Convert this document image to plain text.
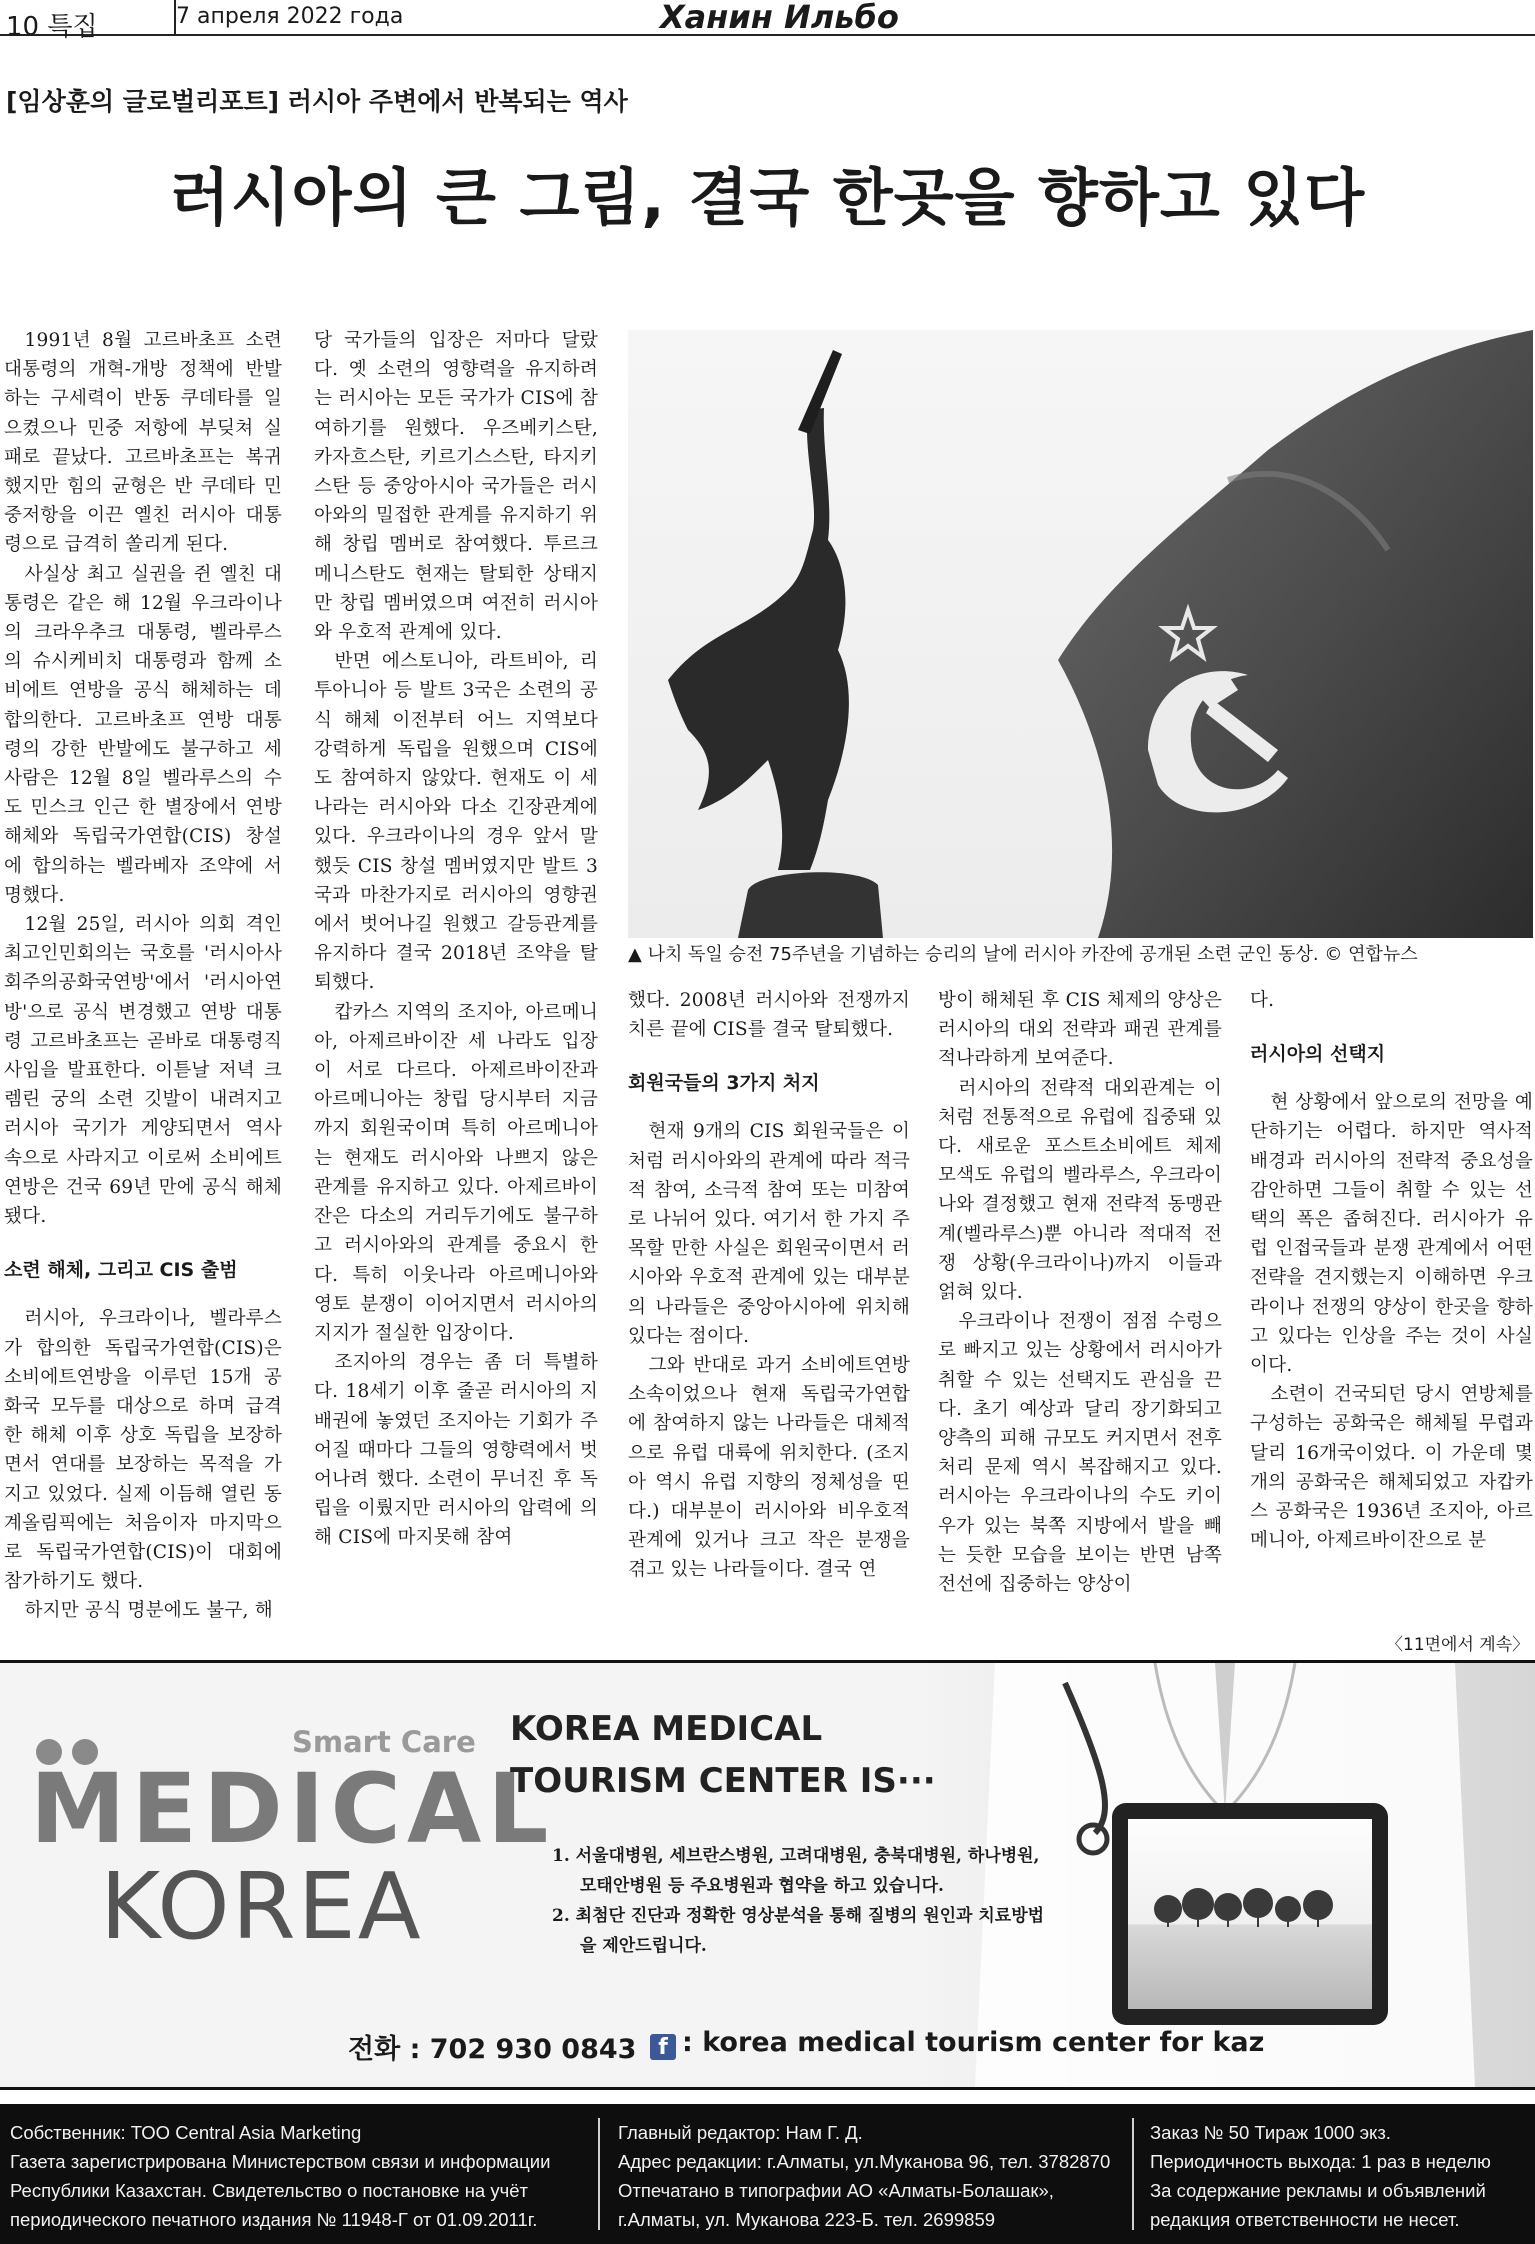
10 특집	7 апреля 2022 года	Ханин Ильбо
[임상훈의 글로벌리포트] 러시아 주변에서 반복되는 역사
러시아의 큰 그림, 결국 한곳을 향하고 있다

1991년 8월 고르바초프 소련 대통령의 개혁-개방 정책에 반발하는 구세력이 반동 쿠데타를 일으켰으나 민중 저항에 부딪쳐 실패로 끝났다. 고르바초프는 복귀했지만 힘의 균형은 반 쿠데타 민중저항을 이끈 옐친 러시아 대통령으로 급격히 쏠리게 된다.

사실상 최고 실권을 쥔 옐친 대통령은 같은 해 12월 우크라이나의 크라우추크 대통령, 벨라루스의 슈시케비치 대통령과 함께 소비에트 연방을 공식 해체하는 데 합의한다. 고르바초프 연방 대통령의 강한 반발에도 불구하고 세 사람은 12월 8일 벨라루스의 수도 민스크 인근 한 별장에서 연방 해체와 독립국가연합(CIS) 창설에 합의하는 벨라베자 조약에 서명했다.

12월 25일, 러시아 의회 격인 최고인민회의는 국호를 '러시아사회주의공화국연방'에서 '러시아연방'으로 공식 변경했고 연방 대통령 고르바초프는 곧바로 대통령직 사임을 발표한다. 이튿날 저녁 크렘린 궁의 소련 깃발이 내려지고 러시아 국기가 게양되면서 역사 속으로 사라지고 이로써 소비에트연방은 건국 69년 만에 공식 해체됐다.

소련 해체, 그리고 CIS 출범

러시아, 우크라이나, 벨라루스가 합의한 독립국가연합(CIS)은 소비에트연방을 이루던 15개 공화국 모두를 대상으로 하며 급격한 해체 이후 상호 독립을 보장하면서 연대를 보장하는 목적을 가지고 있었다. 실제 이듬해 열린 동계올림픽에는 처음이자 마지막으로 독립국가연합(CIS)이 대회에 참가하기도 했다.

하지만 공식 명분에도 불구, 해

당 국가들의 입장은 저마다 달랐다. 옛 소련의 영향력을 유지하려는 러시아는 모든 국가가 CIS에 참여하기를 원했다. 우즈베키스탄, 카자흐스탄, 키르기스스탄, 타지키스탄 등 중앙아시아 국가들은 러시아와의 밀접한 관계를 유지하기 위해 창립 멤버로 참여했다. 투르크메니스탄도 현재는 탈퇴한 상태지만 창립 멤버였으며 여전히 러시아와 우호적 관계에 있다.

반면 에스토니아, 라트비아, 리투아니아 등 발트 3국은 소련의 공식 해체 이전부터 어느 지역보다 강력하게 독립을 원했으며 CIS에도 참여하지 않았다. 현재도 이 세 나라는 러시아와 다소 긴장관계에 있다. 우크라이나의 경우 앞서 말했듯 CIS 창설 멤버였지만 발트 3국과 마찬가지로 러시아의 영향권에서 벗어나길 원했고 갈등관계를 유지하다 결국 2018년 조약을 탈퇴했다.

캅카스 지역의 조지아, 아르메니아, 아제르바이잔 세 나라도 입장이 서로 다르다. 아제르바이잔과 아르메니아는 창립 당시부터 지금까지 회원국이며 특히 아르메니아는 현재도 러시아와 나쁘지 않은 관계를 유지하고 있다. 아제르바이잔은 다소의 거리두기에도 불구하고 러시아와의 관계를 중요시 한다. 특히 이웃나라 아르메니아와 영토 분쟁이 이어지면서 러시아의 지지가 절실한 입장이다.

조지아의 경우는 좀 더 특별하다. 18세기 이후 줄곧 러시아의 지배권에 놓였던 조지아는 기회가 주어질 때마다 그들의 영향력에서 벗어나려 했다. 소련이 무너진 후 독립을 이뤘지만 러시아의 압력에 의해 CIS에 마지못해 참여

▲ 나치 독일 승전 75주년을 기념하는 승리의 날에 러시아 카잔에 공개된 소련 군인 동상. © 연합뉴스

했다. 2008년 러시아와 전쟁까지 치른 끝에 CIS를 결국 탈퇴했다.

회원국들의 3가지 처지

현재 9개의 CIS 회원국들은 이처럼 러시아와의 관계에 따라 적극적 참여, 소극적 참여 또는 미참여로 나뉘어 있다. 여기서 한 가지 주목할 만한 사실은 회원국이면서 러시아와 우호적 관계에 있는 대부분의 나라들은 중앙아시아에 위치해 있다는 점이다.

그와 반대로 과거 소비에트연방 소속이었으나 현재 독립국가연합에 참여하지 않는 나라들은 대체적으로 유럽 대륙에 위치한다. (조지아 역시 유럽 지향의 정체성을 띤다.) 대부분이 러시아와 비우호적 관계에 있거나 크고 작은 분쟁을 겪고 있는 나라들이다. 결국 연

방이 해체된 후 CIS 체제의 양상은 러시아의 대외 전략과 패권 관계를 적나라하게 보여준다.

러시아의 전략적 대외관계는 이처럼 전통적으로 유럽에 집중돼 있다. 새로운 포스트소비에트 체제 모색도 유럽의 벨라루스, 우크라이나와 결정했고 현재 전략적 동맹관계(벨라루스)뿐 아니라 적대적 전쟁 상황(우크라이나)까지 이들과 얽혀 있다.

우크라이나 전쟁이 점점 수렁으로 빠지고 있는 상황에서 러시아가 취할 수 있는 선택지도 관심을 끈다. 초기 예상과 달리 장기화되고 양측의 피해 규모도 커지면서 전후 처리 문제 역시 복잡해지고 있다. 러시아는 우크라이나의 수도 키이우가 있는 북쪽 지방에서 발을 빼는 듯한 모습을 보이는 반면 남쪽 전선에 집중하는 양상이

다.

러시아의 선택지

현 상황에서 앞으로의 전망을 예단하기는 어렵다. 하지만 역사적 배경과 러시아의 전략적 중요성을 감안하면 그들이 취할 수 있는 선택의 폭은 좁혀진다. 러시아가 유럽 인접국들과 분쟁 관계에서 어떤 전략을 견지했는지 이해하면 우크라이나 전쟁의 양상이 한곳을 향하고 있다는 인상을 주는 것이 사실이다.

소련이 건국되던 당시 연방체를 구성하는 공화국은 해체될 무렵과 달리 16개국이었다. 이 가운데 몇 개의 공화국은 해체되었고 자캅카스 공화국은 1936년 조지아, 아르메니아, 아제르바이잔으로 분

〈11면에서 계속〉
Smart Care
MEDICAL
KOREA
KOREA MEDICAL
TOURISM CENTER IS···
1. 서울대병원, 세브란스병원, 고려대병원, 충북대병원, 하나병원, 모태안병원 등 주요병원과 협약을 하고 있습니다.
2. 최첨단 진단과 정확한 영상분석을 통해 질병의 원인과 치료방법을 제안드립니다.
전화 : 702 930 0843 f : korea medical tourism center for kaz
Собственник: ТОО Central Asia Marketing
Газета зарегистрирована Министерством связи и информации
Республики Казахстан. Свидетельство о постановке на учёт
периодического печатного издания № 11948-Г от 01.09.2011г.
Главный редактор: Нам Г. Д.
Адрес редакции: г.Алматы, ул.Муканова 96, тел. 3782870
Отпечатано в типографии АО «Алматы-Болашак»,
г.Алматы, ул. Муканова 223-Б. тел. 2699859
Заказ № 50 Тираж 1000 экз.
Периодичность выхода: 1 раз в неделю
За содержание рекламы и объявлений
редакция ответственности не несет.
